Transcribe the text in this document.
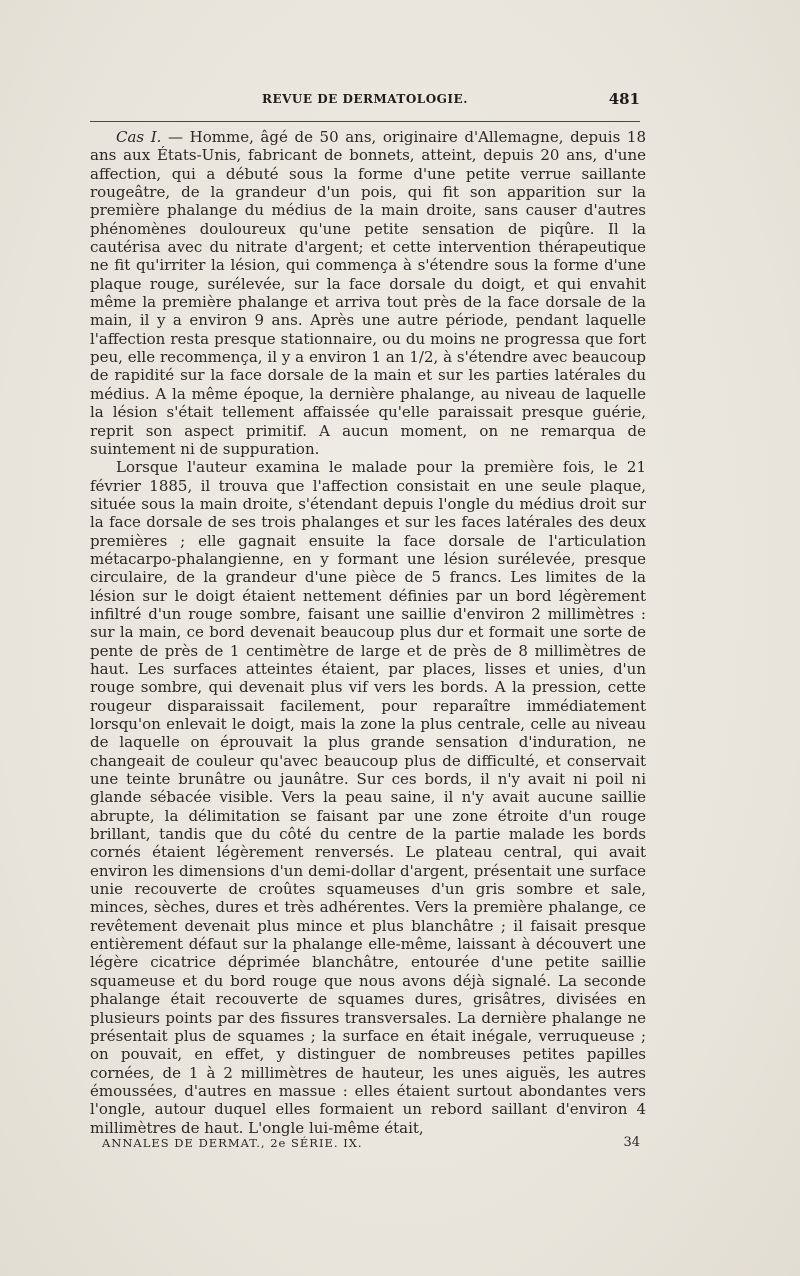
REVUE DE DERMATOLOGIE.	481

Cas I. — Homme, âgé de 50 ans, originaire d'Allemagne, depuis 18 ans aux États-Unis, fabricant de bonnets, atteint, depuis 20 ans, d'une affection, qui a débuté sous la forme d'une petite verrue saillante rougeâtre, de la grandeur d'un pois, qui fit son apparition sur la première phalange du médius de la main droite, sans causer d'autres phénomènes douloureux qu'une petite sensation de piqûre. Il la cautérisa avec du nitrate d'argent; et cette intervention thérapeutique ne fit qu'irriter la lésion, qui commença à s'étendre sous la forme d'une plaque rouge, surélevée, sur la face dorsale du doigt, et qui envahit même la première phalange et arriva tout près de la face dorsale de la main, il y a environ 9 ans. Après une autre période, pendant laquelle l'affection resta presque stationnaire, ou du moins ne progressa que fort peu, elle recommença, il y a environ 1 an 1/2, à s'étendre avec beaucoup de rapidité sur la face dorsale de la main et sur les parties latérales du médius. A la même époque, la dernière phalange, au niveau de laquelle la lésion s'était tellement affaissée qu'elle paraissait presque guérie, reprit son aspect primitif. A aucun moment, on ne remarqua de suintement ni de suppuration.

Lorsque l'auteur examina le malade pour la première fois, le 21 février 1885, il trouva que l'affection consistait en une seule plaque, située sous la main droite, s'étendant depuis l'ongle du médius droit sur la face dorsale de ses trois phalanges et sur les faces latérales des deux premières ; elle gagnait ensuite la face dorsale de l'articulation métacarpo-phalangienne, en y formant une lésion surélevée, presque circulaire, de la grandeur d'une pièce de 5 francs. Les limites de la lésion sur le doigt étaient nettement définies par un bord légèrement infiltré d'un rouge sombre, faisant une saillie d'environ 2 millimètres : sur la main, ce bord devenait beaucoup plus dur et formait une sorte de pente de près de 1 centimètre de large et de près de 8 millimètres de haut. Les surfaces atteintes étaient, par places, lisses et unies, d'un rouge sombre, qui devenait plus vif vers les bords. A la pression, cette rougeur disparaissait facilement, pour reparaître immédiatement lorsqu'on enlevait le doigt, mais la zone la plus centrale, celle au niveau de laquelle on éprouvait la plus grande sensation d'induration, ne changeait de couleur qu'avec beaucoup plus de difficulté, et conservait une teinte brunâtre ou jaunâtre. Sur ces bords, il n'y avait ni poil ni glande sébacée visible. Vers la peau saine, il n'y avait aucune saillie abrupte, la délimitation se faisant par une zone étroite d'un rouge brillant, tandis que du côté du centre de la partie malade les bords cornés étaient légèrement renversés. Le plateau central, qui avait environ les dimensions d'un demi-dollar d'argent, présentait une surface unie recouverte de croûtes squameuses d'un gris sombre et sale, minces, sèches, dures et très adhérentes. Vers la première phalange, ce revêtement devenait plus mince et plus blanchâtre ; il faisait presque entièrement défaut sur la phalange elle-même, laissant à découvert une légère cicatrice déprimée blanchâtre, entourée d'une petite saillie squameuse et du bord rouge que nous avons déjà signalé. La seconde phalange était recouverte de squames dures, grisâtres, divisées en plusieurs points par des fissures transversales. La dernière phalange ne présentait plus de squames ; la surface en était inégale, verruqueuse ; on pouvait, en effet, y distinguer de nombreuses petites papilles cornées, de 1 à 2 millimètres de hauteur, les unes aiguës, les autres émoussées, d'autres en massue : elles étaient surtout abondantes vers l'ongle, autour duquel elles formaient un rebord saillant d'environ 4 millimètres de haut. L'ongle lui-même était,

ANNALES DE DERMAT., 2e SÉRIE. IX.	34
